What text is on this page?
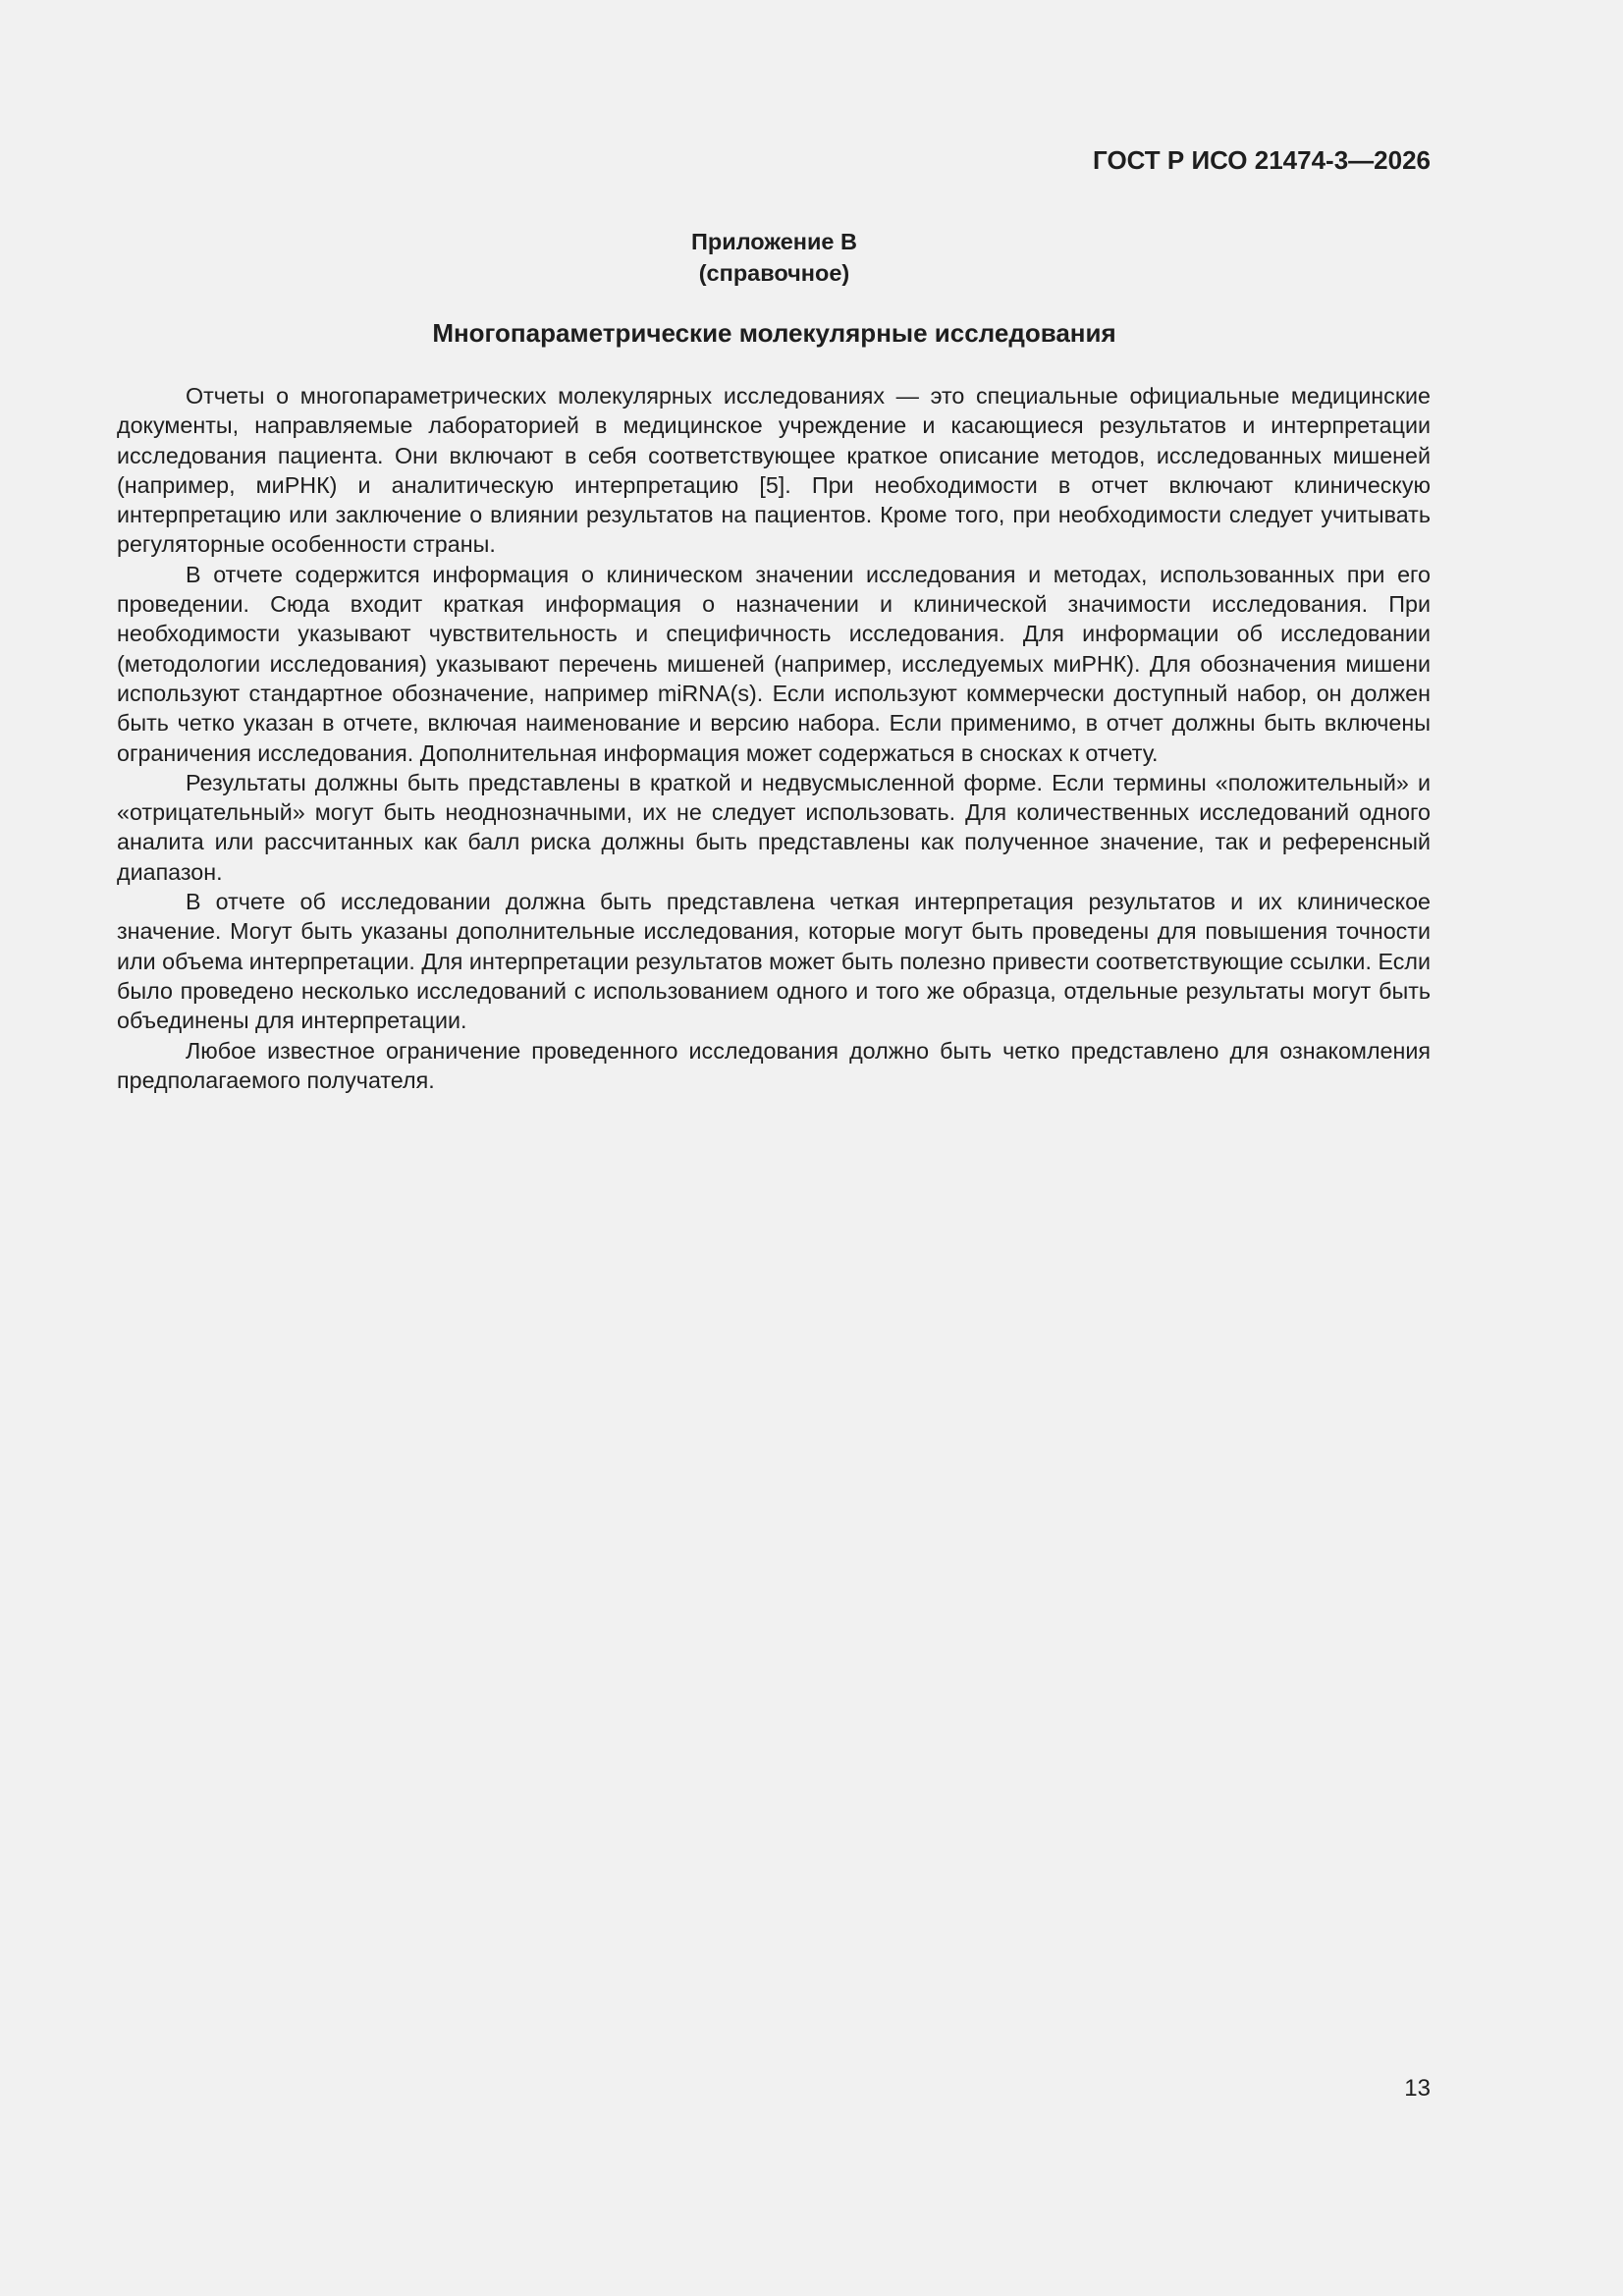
ГОСТ Р ИСО 21474-3—2026
Приложение B
(справочное)
Многопараметрические молекулярные исследования

Отчеты о многопараметрических молекулярных исследованиях — это специальные официальные медицинские документы, направляемые лабораторией в медицинское учреждение и касающиеся результатов и интерпретации исследования пациента. Они включают в себя соответствующее краткое описание методов, исследованных мишеней (например, миРНК) и аналитическую интерпретацию [5]. При необходимости в отчет включают клиническую интерпретацию или заключение о влиянии результатов на пациентов. Кроме того, при необходимости следует учитывать регуляторные особенности страны.

В отчете содержится информация о клиническом значении исследования и методах, использованных при его проведении. Сюда входит краткая информация о назначении и клинической значимости исследования. При необходимости указывают чувствительность и специфичность исследования. Для информации об исследовании (методологии исследования) указывают перечень мишеней (например, исследуемых миРНК). Для обозначения мишени используют стандартное обозначение, например miRNA(s). Если используют коммерчески доступный набор, он должен быть четко указан в отчете, включая наименование и версию набора. Если применимо, в отчет должны быть включены ограничения исследования. Дополнительная информация может содержаться в сносках к отчету.

Результаты должны быть представлены в краткой и недвусмысленной форме. Если термины «положительный» и «отрицательный» могут быть неоднозначными, их не следует использовать. Для количественных исследований одного аналита или рассчитанных как балл риска должны быть представлены как полученное значение, так и референсный диапазон.

В отчете об исследовании должна быть представлена четкая интерпретация результатов и их клиническое значение. Могут быть указаны дополнительные исследования, которые могут быть проведены для повышения точности или объема интерпретации. Для интерпретации результатов может быть полезно привести соответствующие ссылки. Если было проведено несколько исследований с использованием одного и того же образца, отдельные результаты могут быть объединены для интерпретации.

Любое известное ограничение проведенного исследования должно быть четко представлено для ознакомления предполагаемого получателя.

13
